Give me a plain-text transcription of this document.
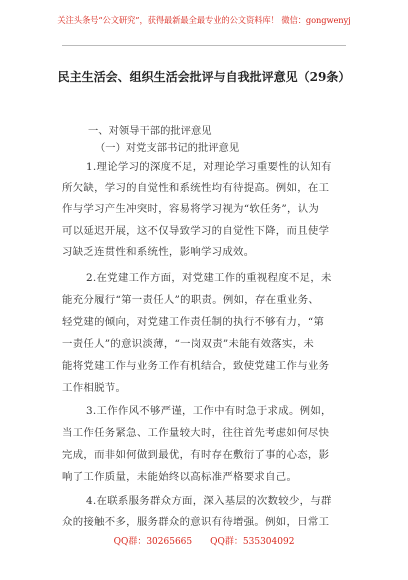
关注头条号“公文研究”，获得最新最全最专业的公文资料库！ 微信：gongwenyj
民主生活会、组织生活会批评与自我批评意见（29条）
一、对领导干部的批评意见
（一）对党支部书记的批评意见
1.理论学习的深度不足，对理论学习重要性的认知有
所欠缺，学习的自觉性和系统性均有待提高。例如，在工
作与学习产生冲突时，容易将学习视为“软任务”，认为
可以延迟开展，这不仅导致学习的自觉性下降，而且使学
习缺乏连贯性和系统性，影响学习成效。
2.在党建工作方面，对党建工作的重视程度不足，未
能充分履行“第一责任人”的职责。例如，存在重业务、
轻党建的倾向，对党建工作责任制的执行不够有力，“第
一责任人”的意识淡薄，“一岗双责”未能有效落实，未
能将党建工作与业务工作有机结合，致使党建工作与业务
工作相脱节。
3.工作作风不够严谨，工作中有时急于求成。例如，
当工作任务紧急、工作量较大时，往往首先考虑如何尽快
完成，而非如何做到最优，有时存在敷衍了事的心态，影
响了工作质量，未能始终以高标准严格要求自己。
4.在联系服务群众方面，深入基层的次数较少，与群
众的接触不多，服务群众的意识有待增强。例如，日常工
QQ群：30265665 QQ群：535304092
